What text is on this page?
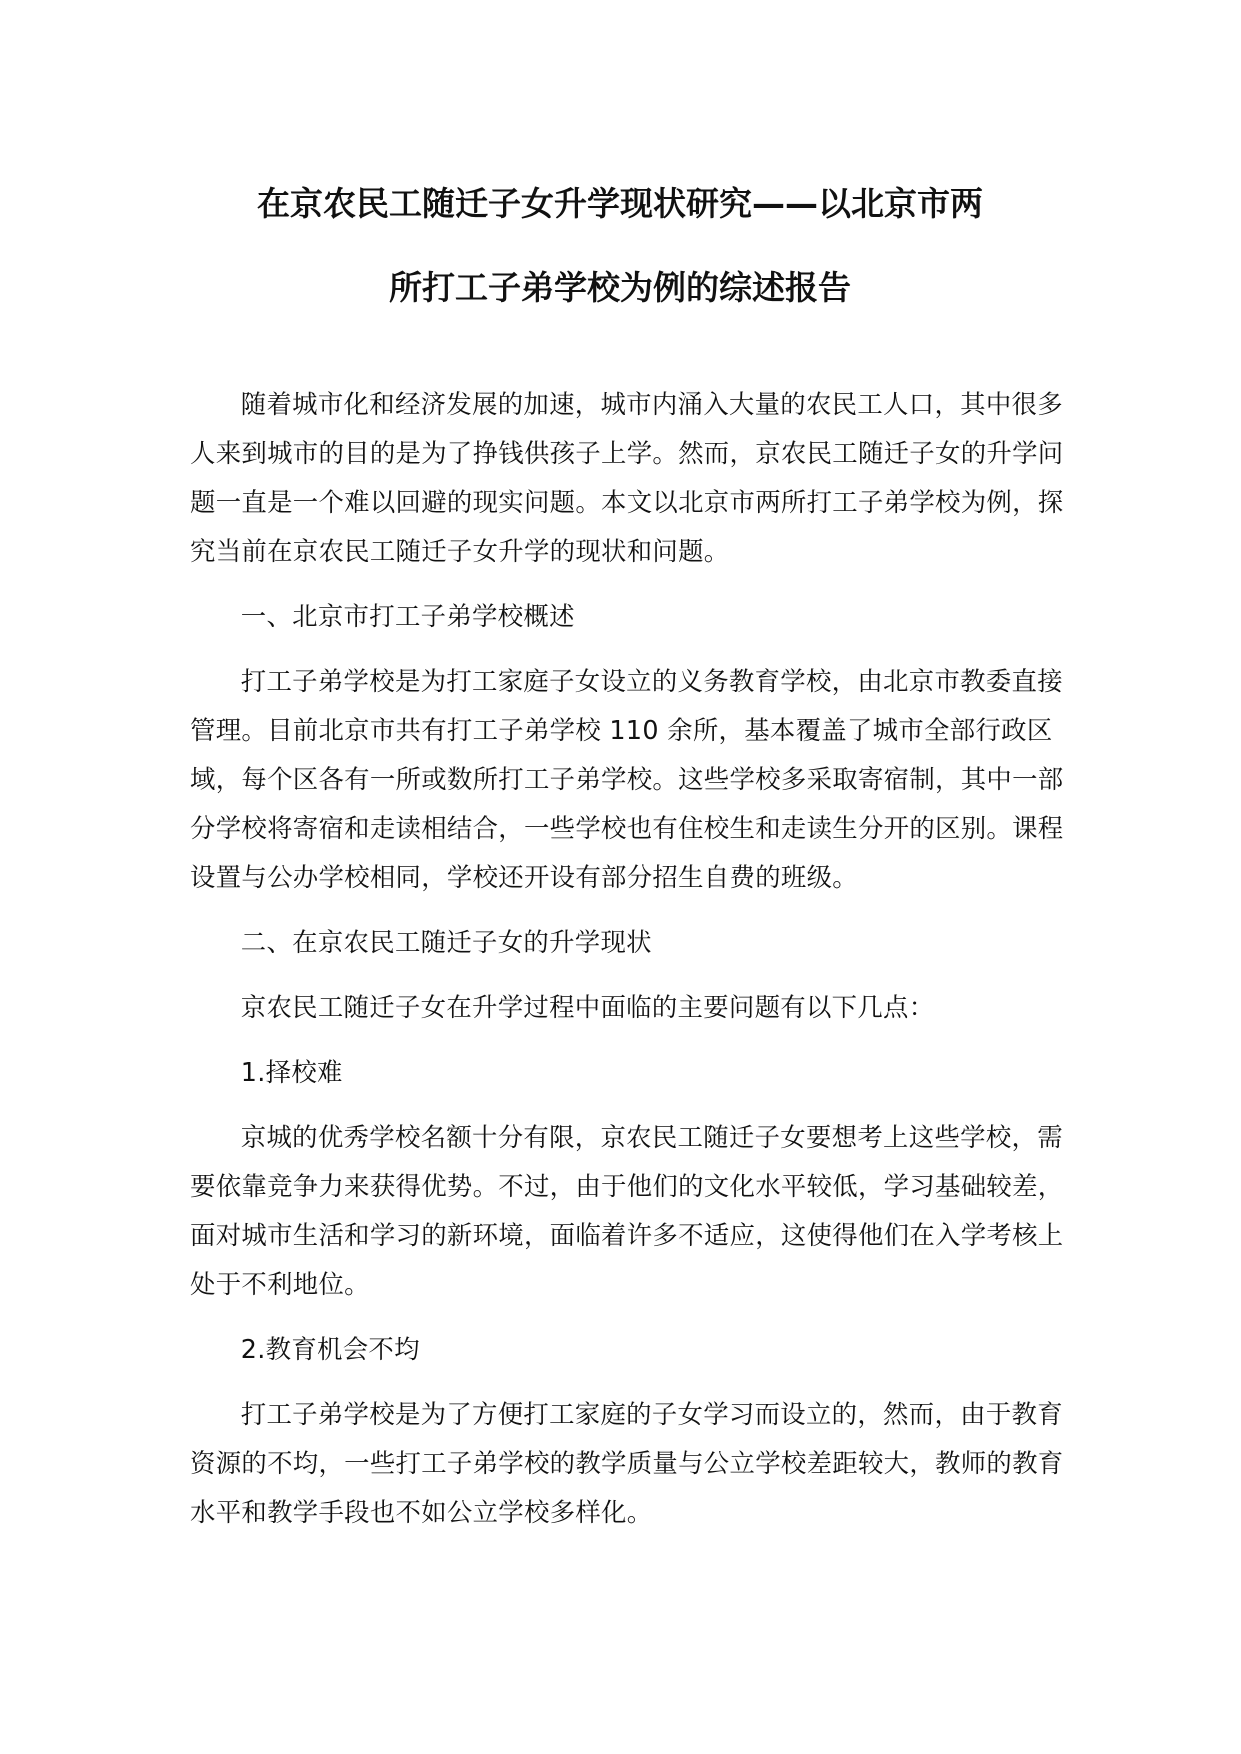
在京农民工随迁子女升学现状研究——以北京市两
所打工子弟学校为例的综述报告

随着城市化和经济发展的加速，城市内涌入大量的农民工人口，其中很多人来到城市的目的是为了挣钱供孩子上学。然而，京农民工随迁子女的升学问题一直是一个难以回避的现实问题。本文以北京市两所打工子弟学校为例，探究当前在京农民工随迁子女升学的现状和问题。

一、北京市打工子弟学校概述

打工子弟学校是为打工家庭子女设立的义务教育学校，由北京市教委直接管理。目前北京市共有打工子弟学校 110 余所，基本覆盖了城市全部行政区域，每个区各有一所或数所打工子弟学校。这些学校多采取寄宿制，其中一部分学校将寄宿和走读相结合，一些学校也有住校生和走读生分开的区别。课程设置与公办学校相同，学校还开设有部分招生自费的班级。

二、在京农民工随迁子女的升学现状

京农民工随迁子女在升学过程中面临的主要问题有以下几点：

1.择校难

京城的优秀学校名额十分有限，京农民工随迁子女要想考上这些学校，需要依靠竞争力来获得优势。不过，由于他们的文化水平较低，学习基础较差，面对城市生活和学习的新环境，面临着许多不适应，这使得他们在入学考核上处于不利地位。

2.教育机会不均

打工子弟学校是为了方便打工家庭的子女学习而设立的，然而，由于教育资源的不均，一些打工子弟学校的教学质量与公立学校差距较大，教师的教育水平和教学手段也不如公立学校多样化。
